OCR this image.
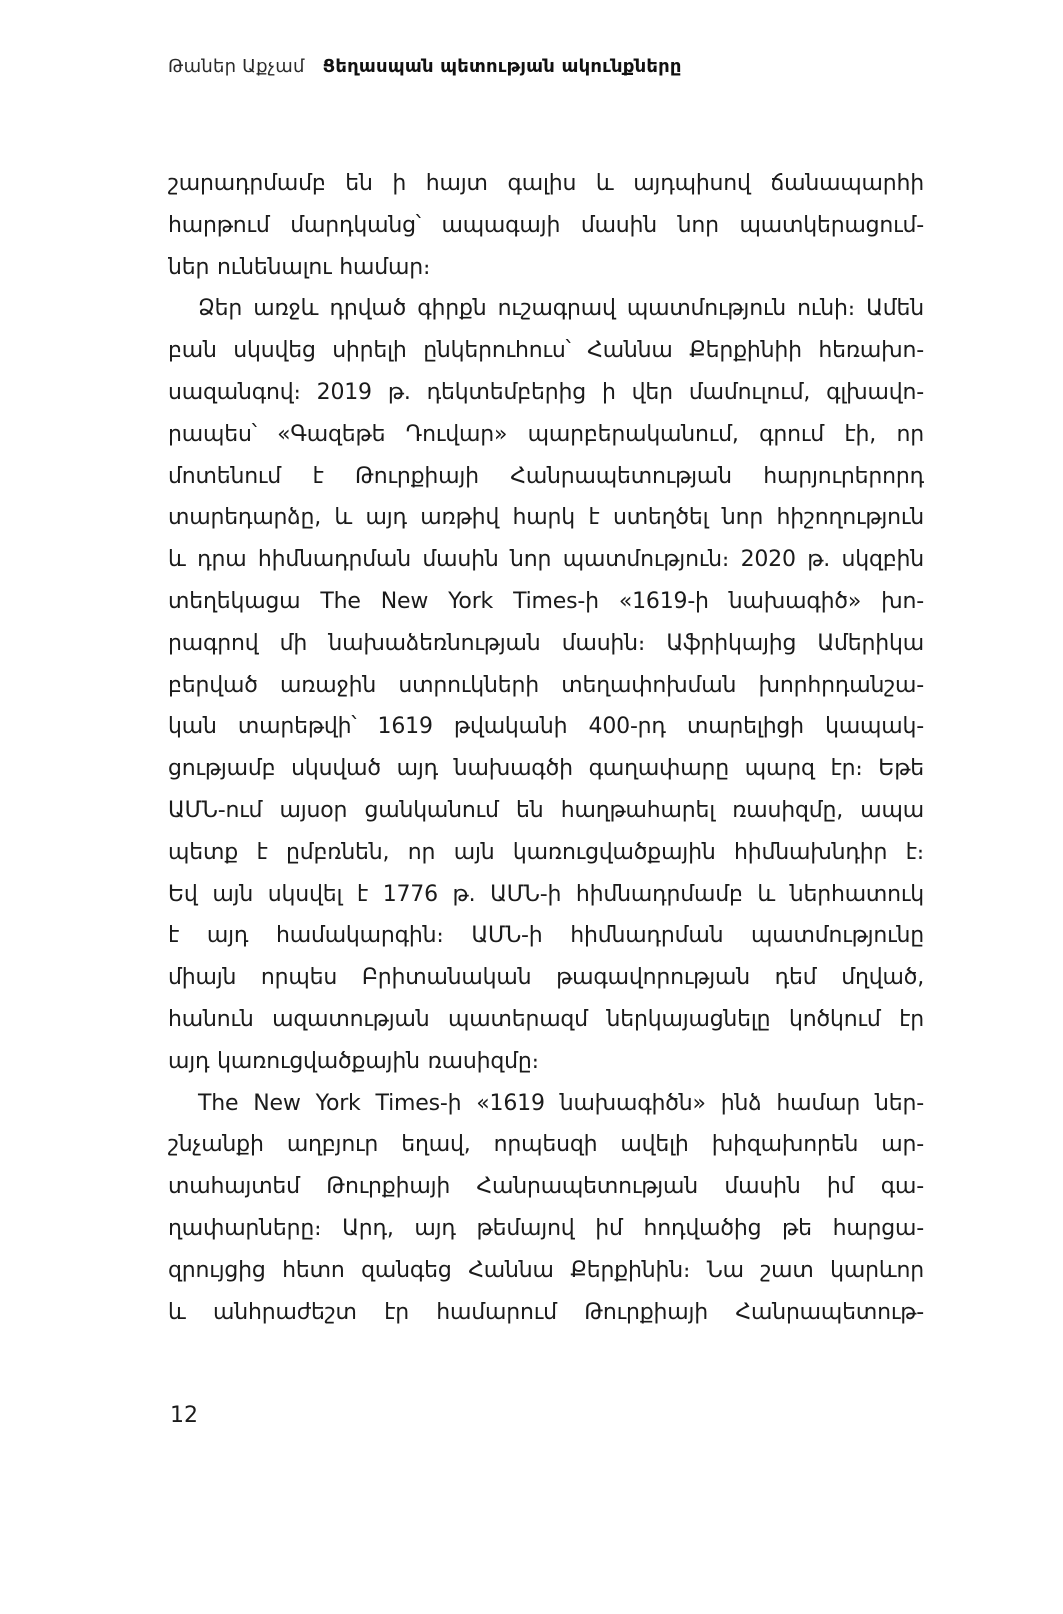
Թաներ Աքչամ Ցեղասպան պետության ակունքները
շարադրմամբ են ի հայտ գալիս և այդպիսով ճանապարհի
հարթում մարդկանց՝ ապագայի մասին նոր պատկերացում-
ներ ունենալու համար։
Ձեր առջև դրված գիրքն ուշագրավ պատմություն ունի։ Ամեն
բան սկսվեց սիրելի ընկերուհուս՝ Հաննա Քերքինիի հեռախո-
սազանգով։ 2019 թ. դեկտեմբերից ի վեր մամուլում, գլխավո-
րապես՝ «Գազեթե Դուվար» պարբերականում, գրում էի, որ
մոտենում է Թուրքիայի Հանրապետության հարյուրերորդ
տարեդարձը, և այդ առթիվ հարկ է ստեղծել նոր հիշողություն
և դրա հիմնադրման մասին նոր պատմություն։ 2020 թ. սկզբին
տեղեկացա The New York Times-ի «1619-ի նախագիծ» խո-
րագրով մի նախաձեռնության մասին։ Աֆրիկայից Ամերիկա
բերված առաջին ստրուկների տեղափոխման խորհրդանշա-
կան տարեթվի՝ 1619 թվականի 400-րդ տարելիցի կապակ-
ցությամբ սկսված այդ նախագծի գաղափարը պարզ էր։ Եթե
ԱՄՆ-ում այսօր ցանկանում են հաղթահարել ռասիզմը, ապա
պետք է ըմբռնեն, որ այն կառուցվածքային հիմնախնդիր է։
Եվ այն սկսվել է 1776 թ. ԱՄՆ-ի հիմնադրմամբ և ներհատուկ
է այդ համակարգին։ ԱՄՆ-ի հիմնադրման պատմությունը
միայն որպես Բրիտանական թագավորության դեմ մղված,
հանուն ազատության պատերազմ ներկայացնելը կոծկում էր
այդ կառուցվածքային ռասիզմը։
The New York Times-ի «1619 նախագիծն» ինձ համար ներ-
շնչանքի աղբյուր եղավ, որպեսզի ավելի խիզախորեն ար-
տահայտեմ Թուրքիայի Հանրապետության մասին իմ գա-
ղափարները։ Արդ, այդ թեմայով իմ հոդվածից թե հարցա-
զրույցից հետո զանգեց Հաննա Քերքինին։ Նա շատ կարևոր
և անհրաժեշտ էր համարում Թուրքիայի Հանրապետութ-
12
